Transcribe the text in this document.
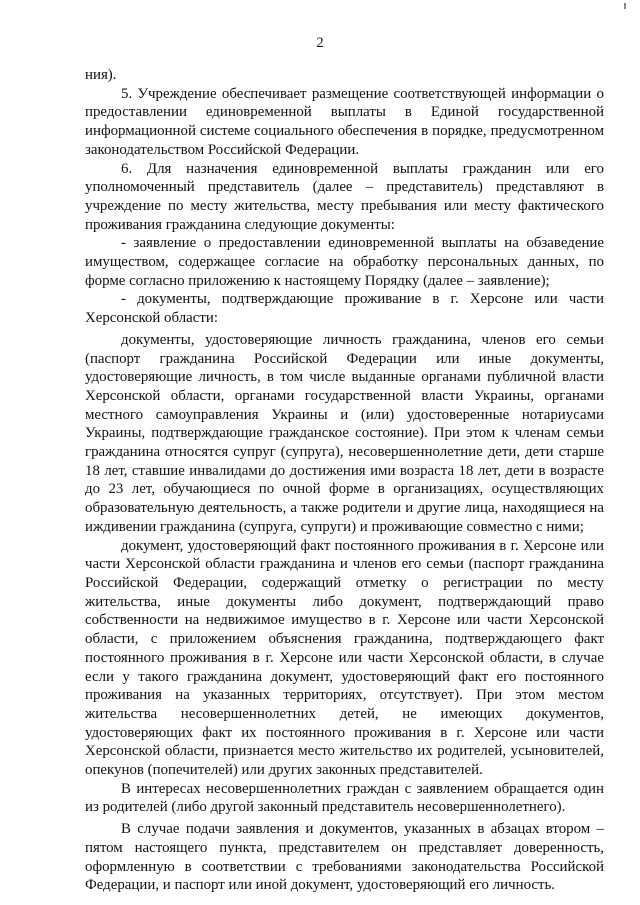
2

ния).

5. Учреждение обеспечивает размещение соответствующей информации о предоставлении единовременной выплаты в Единой государственной информационной системе социального обеспечения в порядке, предусмотренном законодательством Российской Федерации.

6. Для назначения единовременной выплаты гражданин или его уполномоченный представитель (далее – представитель) представляют в учреждение по месту жительства, месту пребывания или месту фактического проживания гражданина следующие документы:

- заявление о предоставлении единовременной выплаты на обзаведение имуществом, содержащее согласие на обработку персональных данных, по форме согласно приложению к настоящему Порядку (далее – заявление);

- документы, подтверждающие проживание в г. Херсоне или части Херсонской области:

документы, удостоверяющие личность гражданина, членов его семьи (паспорт гражданина Российской Федерации или иные документы, удостоверяющие личность, в том числе выданные органами публичной власти Херсонской области, органами государственной власти Украины, органами местного самоуправления Украины и (или) удостоверенные нотариусами Украины, подтверждающие гражданское состояние). При этом к членам семьи гражданина относятся супруг (супруга), несовершеннолетние дети, дети старше 18 лет, ставшие инвалидами до достижения ими возраста 18 лет, дети в возрасте до 23 лет, обучающиеся по очной форме в организациях, осуществляющих образовательную деятельность, а также родители и другие лица, находящиеся на иждивении гражданина (супруга, супруги) и проживающие совместно с ними;

документ, удостоверяющий факт постоянного проживания в г. Херсоне или части Херсонской области гражданина и членов его семьи (паспорт гражданина Российской Федерации, содержащий отметку о регистрации по месту жительства, иные документы либо документ, подтверждающий право собственности на недвижимое имущество в г. Херсоне или части Херсонской области, с приложением объяснения гражданина, подтверждающего факт постоянного проживания в г. Херсоне или части Херсонской области, в случае если у такого гражданина документ, удостоверяющий факт его постоянного проживания на указанных территориях, отсутствует). При этом местом жительства несовершеннолетних детей, не имеющих документов, удостоверяющих факт их постоянного проживания в г. Херсоне или части Херсонской области, признается место жительство их родителей, усыновителей, опекунов (попечителей) или других законных представителей.

В интересах несовершеннолетних граждан с заявлением обращается один из родителей (либо другой законный представитель несовершеннолетнего).

В случае подачи заявления и документов, указанных в абзацах втором – пятом настоящего пункта, представителем он представляет доверенность, оформленную в соответствии с требованиями законодательства Российской Федерации, и паспорт или иной документ, удостоверяющий его личность.
